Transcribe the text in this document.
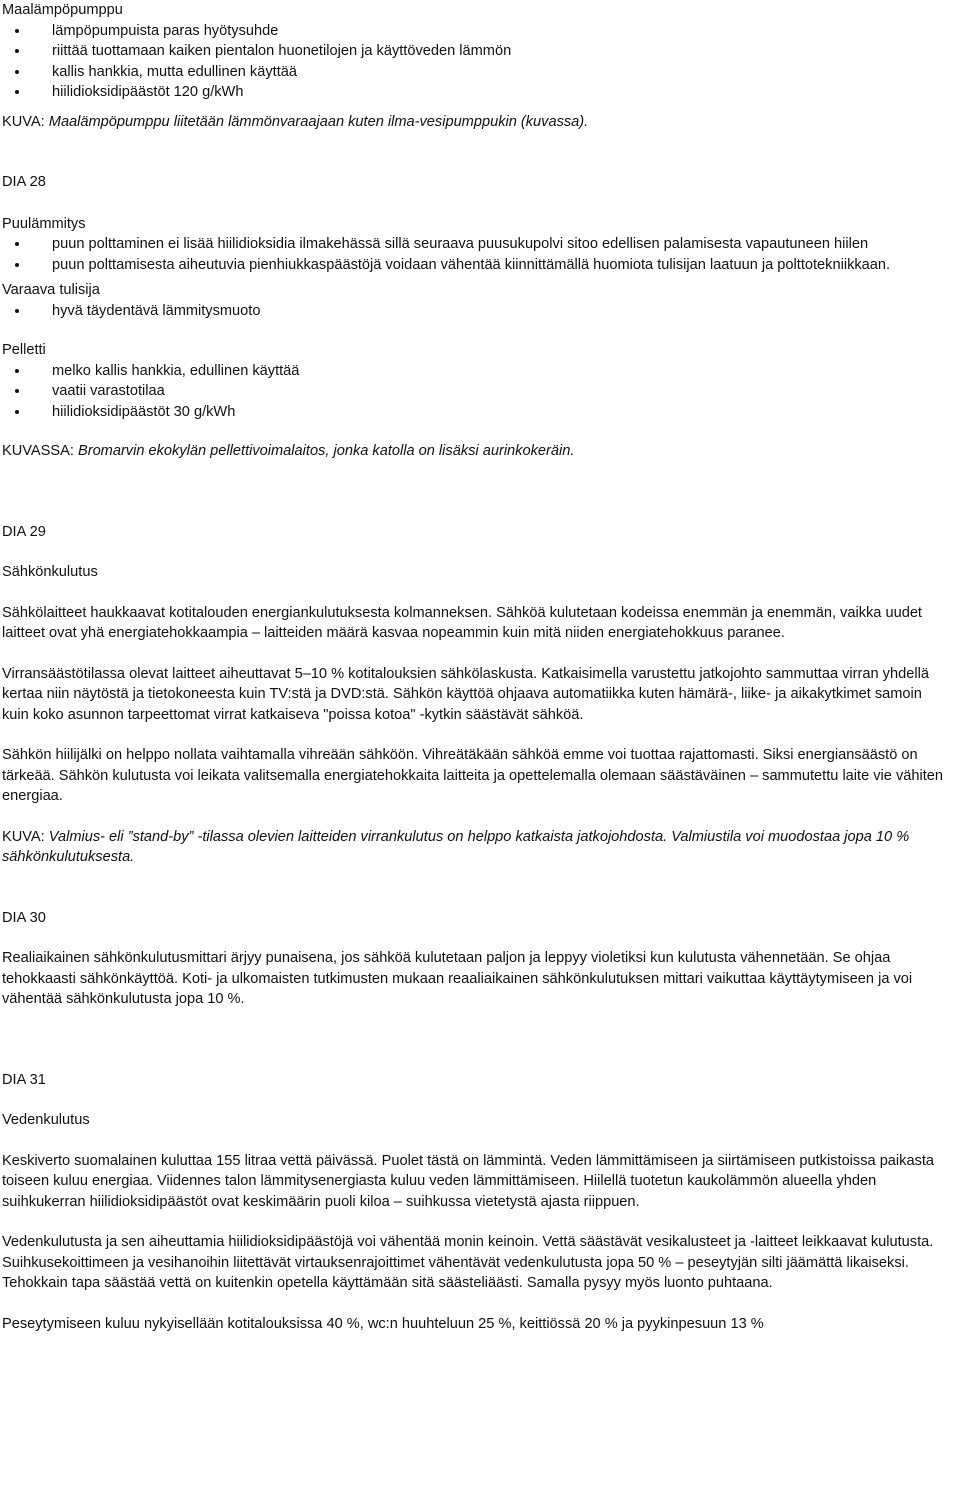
Maalämpöpumppu

lämpöpumpuista paras hyötysuhde
riittää tuottamaan kaiken pientalon huonetilojen ja käyttöveden lämmön
kallis hankkia, mutta edullinen käyttää
hiilidioksidipäästöt 120 g/kWh

KUVA: Maalämpöpumppu liitetään lämmönvaraajaan kuten ilma-vesipumppukin (kuvassa).

DIA 28

Puulämmitys

puun polttaminen ei lisää hiilidioksidia ilmakehässä sillä seuraava puusukupolvi sitoo edellisen palamisesta vapautuneen hiilen
puun polttamisesta aiheutuvia pienhiukkaspäästöjä voidaan vähentää kiinnittämällä huomiota tulisijan laatuun ja polttotekniikkaan.

Varaava tulisija

hyvä täydentävä lämmitysmuoto

Pelletti

melko kallis hankkia, edullinen käyttää
vaatii varastotilaa
hiilidioksidipäästöt 30 g/kWh

KUVASSA: Bromarvin ekokylän pellettivoimalaitos, jonka katolla on lisäksi aurinkokeräin.

DIA 29

Sähkönkulutus

Sähkölaitteet haukkaavat kotitalouden energiankulutuksesta kolmanneksen. Sähköä kulutetaan kodeissa enemmän ja enemmän, vaikka uudet laitteet ovat yhä energiatehokkaampia – laitteiden määrä kasvaa nopeammin kuin mitä niiden energiatehokkuus paranee.

Virransäästötilassa olevat laitteet aiheuttavat 5–10 % kotitalouksien sähkölaskusta. Katkaisimella varustettu jatkojohto sammuttaa virran yhdellä kertaa niin näytöstä ja tietokoneesta kuin TV:stä ja DVD:stä. Sähkön käyttöä ohjaava automatiikka kuten hämärä-, liike- ja aikakytkimet samoin kuin koko asunnon tarpeettomat virrat katkaiseva "poissa kotoa" -kytkin säästävät sähköä.

Sähkön hiilijälki on helppo nollata vaihtamalla vihreään sähköön. Vihreätäkään sähköä emme voi tuottaa rajattomasti. Siksi energiansäästö on tärkeää. Sähkön kulutusta voi leikata valitsemalla energiatehokkaita laitteita ja opettelemalla olemaan säästäväinen – sammutettu laite vie vähiten energiaa.

KUVA: Valmius- eli ”stand-by” -tilassa olevien laitteiden virrankulutus on helppo katkaista jatkojohdosta. Valmiustila voi muodostaa jopa 10 % sähkönkulutuksesta.

DIA 30

Realiaikainen sähkönkulutusmittari ärjyy punaisena, jos sähköä kulutetaan paljon ja leppyy violetiksi kun kulutusta vähennetään. Se ohjaa tehokkaasti sähkönkäyttöä. Koti- ja ulkomaisten tutkimusten mukaan reaaliaikainen sähkönkulutuksen mittari vaikuttaa käyttäytymiseen ja voi vähentää sähkönkulutusta jopa 10 %.

DIA 31

Vedenkulutus

Keskiverto suomalainen kuluttaa 155 litraa vettä päivässä. Puolet tästä on lämmintä. Veden lämmittämiseen ja siirtämiseen putkistoissa paikasta toiseen kuluu energiaa. Viidennes talon lämmitysenergiasta kuluu veden lämmittämiseen. Hiilellä tuotetun kaukolämmön alueella yhden suihkukerran hiilidioksidipäästöt ovat keskimäärin puoli kiloa – suihkussa vietetystä ajasta riippuen.

Vedenkulutusta ja sen aiheuttamia hiilidioksidipäästöjä voi vähentää monin keinoin. Vettä säästävät vesikalusteet ja -laitteet leikkaavat kulutusta. Suihkusekoittimeen ja vesihanoihin liitettävät virtauksenrajoittimet vähentävät vedenkulutusta jopa 50 % – peseytyjän silti jäämättä likaiseksi. Tehokkain tapa säästää vettä on kuitenkin opetella käyttämään sitä säästeliäästi. Samalla pysyy myös luonto puhtaana.

Peseytymiseen kuluu nykyisellään kotitalouksissa 40 %, wc:n huuhteluun 25 %, keittiössä 20 % ja pyykinpesuun 13 %
